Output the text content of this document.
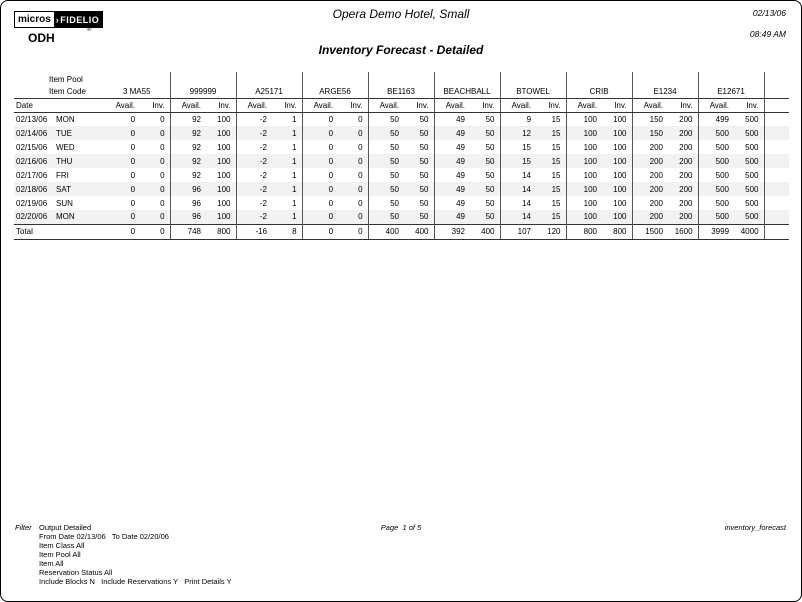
micros › FIDELIO
®
ODH
Opera Demo Hotel, Small	02/13/06
08:49 AM
Inventory Forecast - Detailed
Item Pool																						
Item Code		3 MA55		999999		A25171		ARGE56		BE1163		BEACHBALL		BTOWEL		CRIB		E1234		E12671		
Date		Avail.	Inv.	Avail.	Inv.	Avail.	Inv.	Avail.	Inv.	Avail.	Inv.	Avail.	Inv.	Avail.	Inv.	Avail.	Inv.	Avail.	Inv.	Avail.	Inv.	
02/13/06	MON	0	0	92	100	-2	1	0	0	50	50	49	50	9	15	100	100	150	200	499	500	
02/14/06	TUE	0	0	92	100	-2	1	0	0	50	50	49	50	12	15	100	100	150	200	500	500	
02/15/06	WED	0	0	92	100	-2	1	0	0	50	50	49	50	15	15	100	100	200	200	500	500	
02/16/06	THU	0	0	92	100	-2	1	0	0	50	50	49	50	15	15	100	100	200	200	500	500	
02/17/06	FRI	0	0	92	100	-2	1	0	0	50	50	49	50	14	15	100	100	200	200	500	500	
02/18/06	SAT	0	0	96	100	-2	1	0	0	50	50	49	50	14	15	100	100	200	200	500	500	
02/19/06	SUN	0	0	96	100	-2	1	0	0	50	50	49	50	14	15	100	100	200	200	500	500	
02/20/06	MON	0	0	96	100	-2	1	0	0	50	50	49	50	14	15	100	100	200	200	500	500	
Total		0	0	748	800	-16	8	0	0	400	400	392	400	107	120	800	800	1500	1600	3999	4000	
Filter Output Detailed
From Date 02/13/06   To Date 02/20/06
Item Class All
Item Pool All
Item All
Reservation Status All
Include Blocks N   Include Reservations Y   Print Details Y
Page  1 of 5	inventory_forecast
